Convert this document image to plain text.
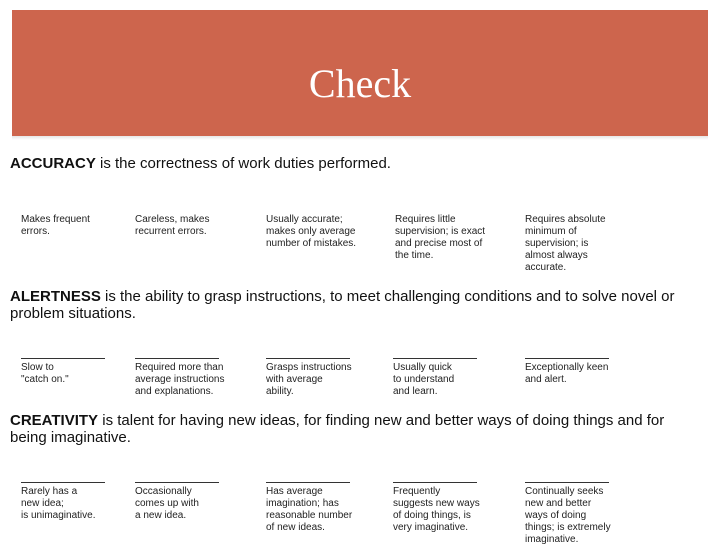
Check
ACCURACY is the correctness of work duties performed.
Makes frequent
errors.
Careless, makes
recurrent errors.
Usually accurate;
makes only average
number of mistakes.
Requires little
supervision; is exact
and precise most of
the time.
Requires absolute
minimum of
supervision; is
almost always
accurate.
ALERTNESS is the ability to grasp instructions, to meet challenging conditions and to solve novel or problem situations.
Slow to
"catch on."
Required more than
average instructions
and explanations.
Grasps instructions
with average
ability.
Usually quick
to understand
and learn.
Exceptionally keen
and alert.
CREATIVITY is talent for having new ideas, for finding new and better ways of doing things and for being imaginative.
Rarely has a
new idea;
is unimaginative.
Occasionally
comes up with
a new idea.
Has average
imagination; has
reasonable number
of new ideas.
Frequently
suggests new ways
of doing things, is
very imaginative.
Continually seeks
new and better
ways of doing
things; is extremely
imaginative.
